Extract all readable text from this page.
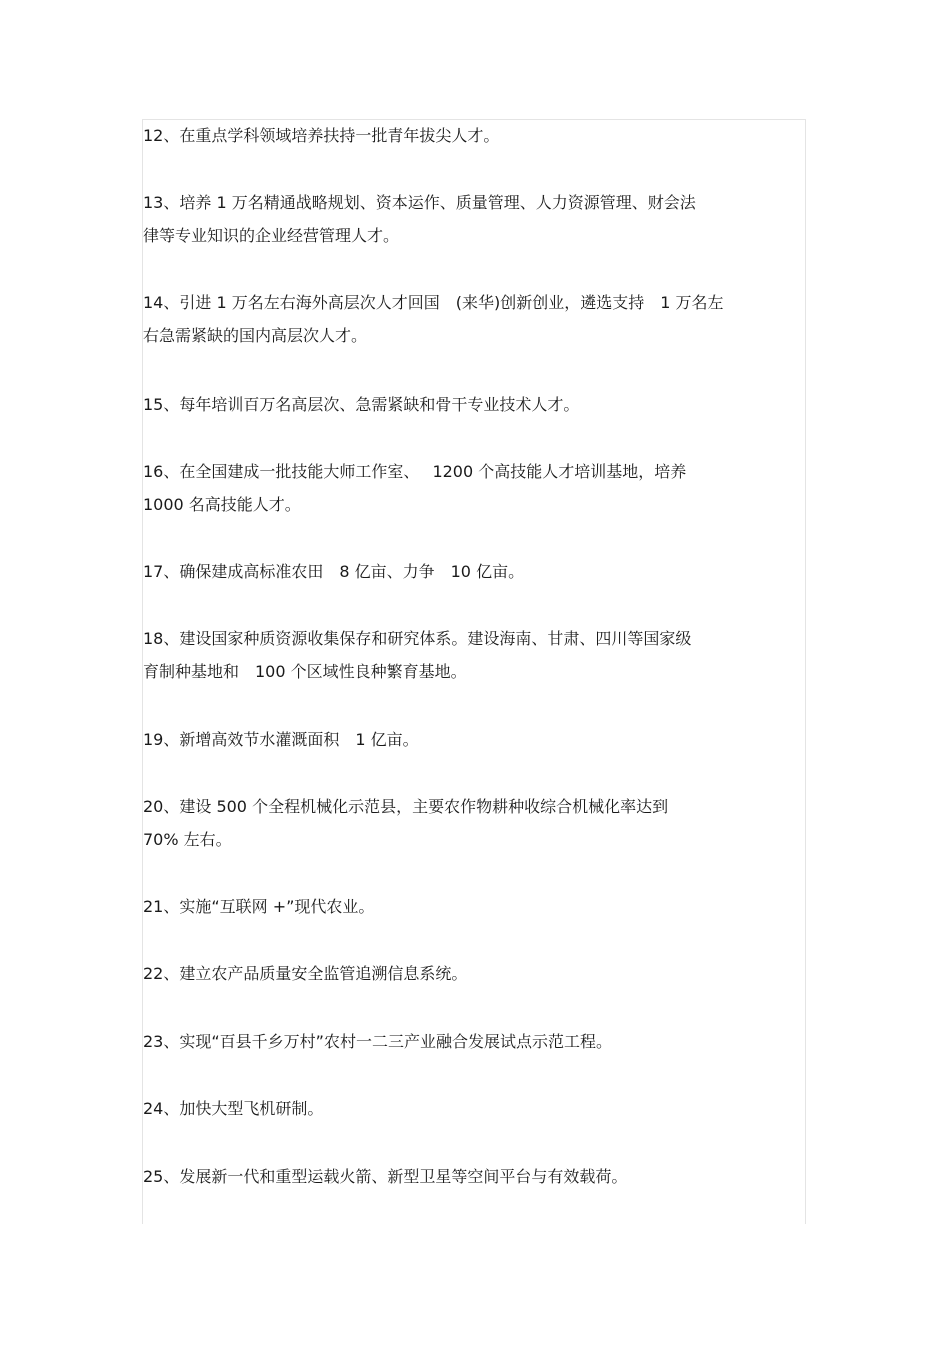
12、在重点学科领域培养扶持一批青年拔尖人才。
13、培养 1 万名精通战略规划、资本运作、质量管理、人力资源管理、财会法
律等专业知识的企业经营管理人才。
14、引进 1 万名左右海外高层次人才回国　(来华)创新创业，遴选支持　1 万名左
右急需紧缺的国内高层次人才。
15、每年培训百万名高层次、急需紧缺和骨干专业技术人才。
16、在全国建成一批技能大师工作室、　 1200 个高技能人才培训基地，培养
1000 名高技能人才。
17、确保建成高标准农田　8 亿亩、力争　10 亿亩。
18、建设国家种质资源收集保存和研究体系。建设海南、甘肃、四川等国家级
育制种基地和　100 个区域性良种繁育基地。
19、新增高效节水灌溉面积　1 亿亩。
20、建设 500 个全程机械化示范县，主要农作物耕种收综合机械化率达到
70% 左右。
21、实施“互联网 +”现代农业。
22、建立农产品质量安全监管追溯信息系统。
23、实现“百县千乡万村”农村一二三产业融合发展试点示范工程。
24、加快大型飞机研制。
25、发展新一代和重型运载火箭、新型卫星等空间平台与有效载荷。
